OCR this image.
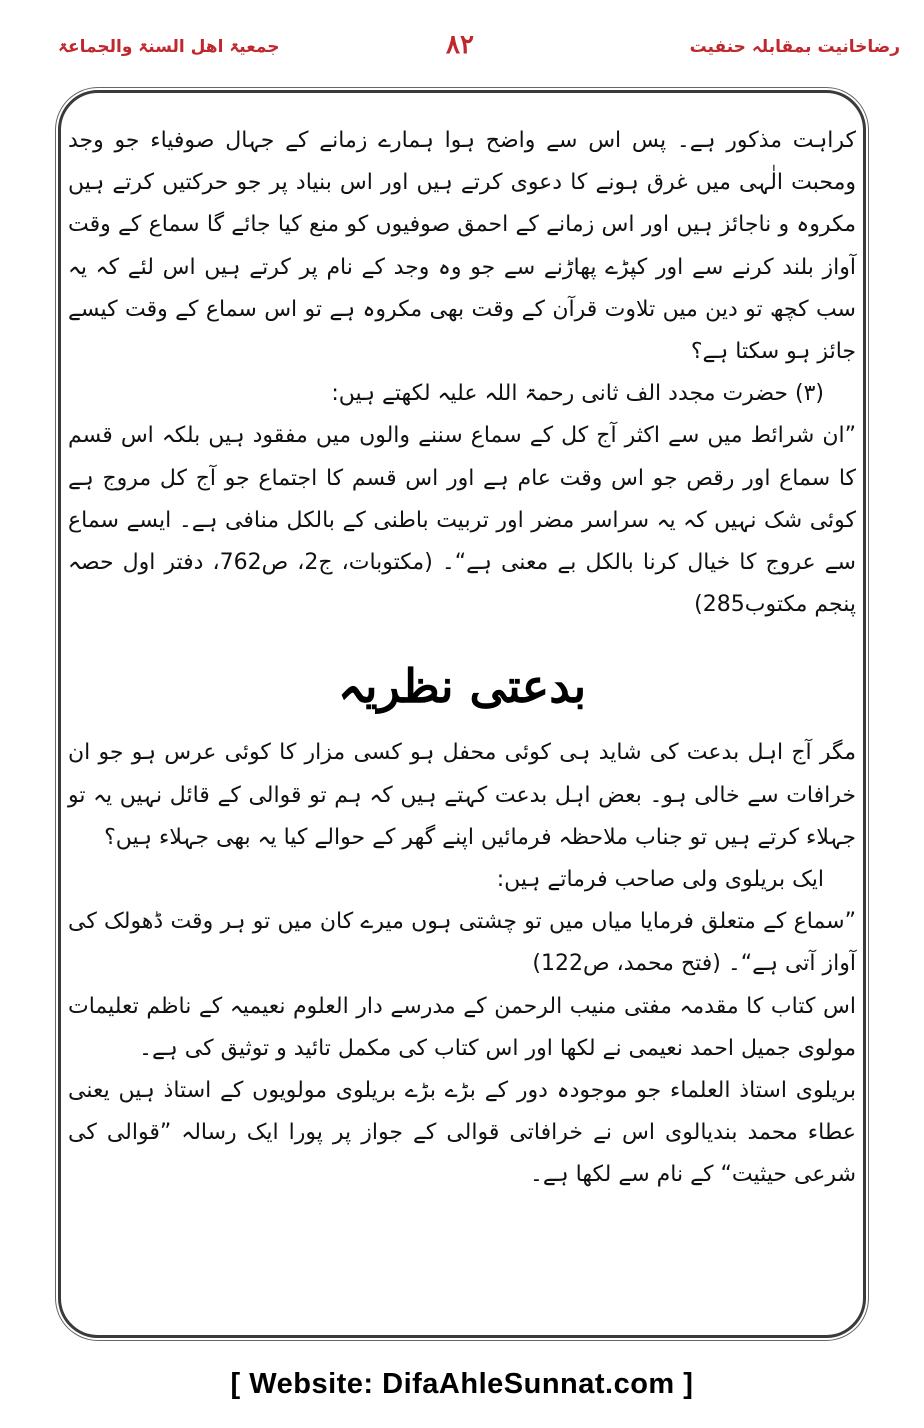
رضاخانیت بمقابلہ حنفیت
۸۲
جمعیۃ اھل السنۃ والجماعۃ

کراہت مذکور ہے۔ پس اس سے واضح ہوا ہمارے زمانے کے جہال صوفیاء جو وجد ومحبت الٰہی میں غرق ہونے کا دعوی کرتے ہیں اور اس بنیاد پر جو حرکتیں کرتے ہیں مکروہ و ناجائز ہیں اور اس زمانے کے احمق صوفیوں کو منع کیا جائے گا سماع کے وقت آواز بلند کرنے سے اور کپڑے پھاڑنے سے جو وہ وجد کے نام پر کرتے ہیں اس لئے کہ یہ سب کچھ تو دین میں تلاوت قرآن کے وقت بھی مکروہ ہے تو اس سماع کے وقت کیسے جائز ہو سکتا ہے؟

(۳) حضرت مجدد الف ثانی رحمۃ اللہ علیہ لکھتے ہیں:

”ان شرائط میں سے اکثر آج کل کے سماع سننے والوں میں مفقود ہیں بلکہ اس قسم کا سماع اور رقص جو اس وقت عام ہے اور اس قسم کا اجتماع جو آج کل مروج ہے کوئی شک نہیں کہ یہ سراسر مضر اور تربیت باطنی کے بالکل منافی ہے۔ ایسے سماع سے عروج کا خیال کرنا بالکل بے معنی ہے“۔ (مکتوبات، ج2، ص762، دفتر اول حصہ پنجم مکتوب285)

بدعتی نظریہ

مگر آج اہل بدعت کی شاید ہی کوئی محفل ہو کسی مزار کا کوئی عرس ہو جو ان خرافات سے خالی ہو۔ بعض اہل بدعت کہتے ہیں کہ ہم تو قوالی کے قائل نہیں یہ تو جہلاء کرتے ہیں تو جناب ملاحظہ فرمائیں اپنے گھر کے حوالے کیا یہ بھی جہلاء ہیں؟

ایک بریلوی ولی صاحب فرماتے ہیں:

”سماع کے متعلق فرمایا میاں میں تو چشتی ہوں میرے کان میں تو ہر وقت ڈھولک کی آواز آتی ہے“۔ (فتح محمد، ص122)

اس کتاب کا مقدمہ مفتی منیب الرحمن کے مدرسے دار العلوم نعیمیہ کے ناظم تعلیمات مولوی جمیل احمد نعیمی نے لکھا اور اس کتاب کی مکمل تائید و توثیق کی ہے۔

بریلوی استاذ العلماء جو موجودہ دور کے بڑے بڑے بریلوی مولویوں کے استاذ ہیں یعنی عطاء محمد بندیالوی اس نے خرافاتی قوالی کے جواز پر پورا ایک رسالہ ”قوالی کی شرعی حیثیت“ کے نام سے لکھا ہے۔

[ Website: DifaAhleSunnat.com ]
